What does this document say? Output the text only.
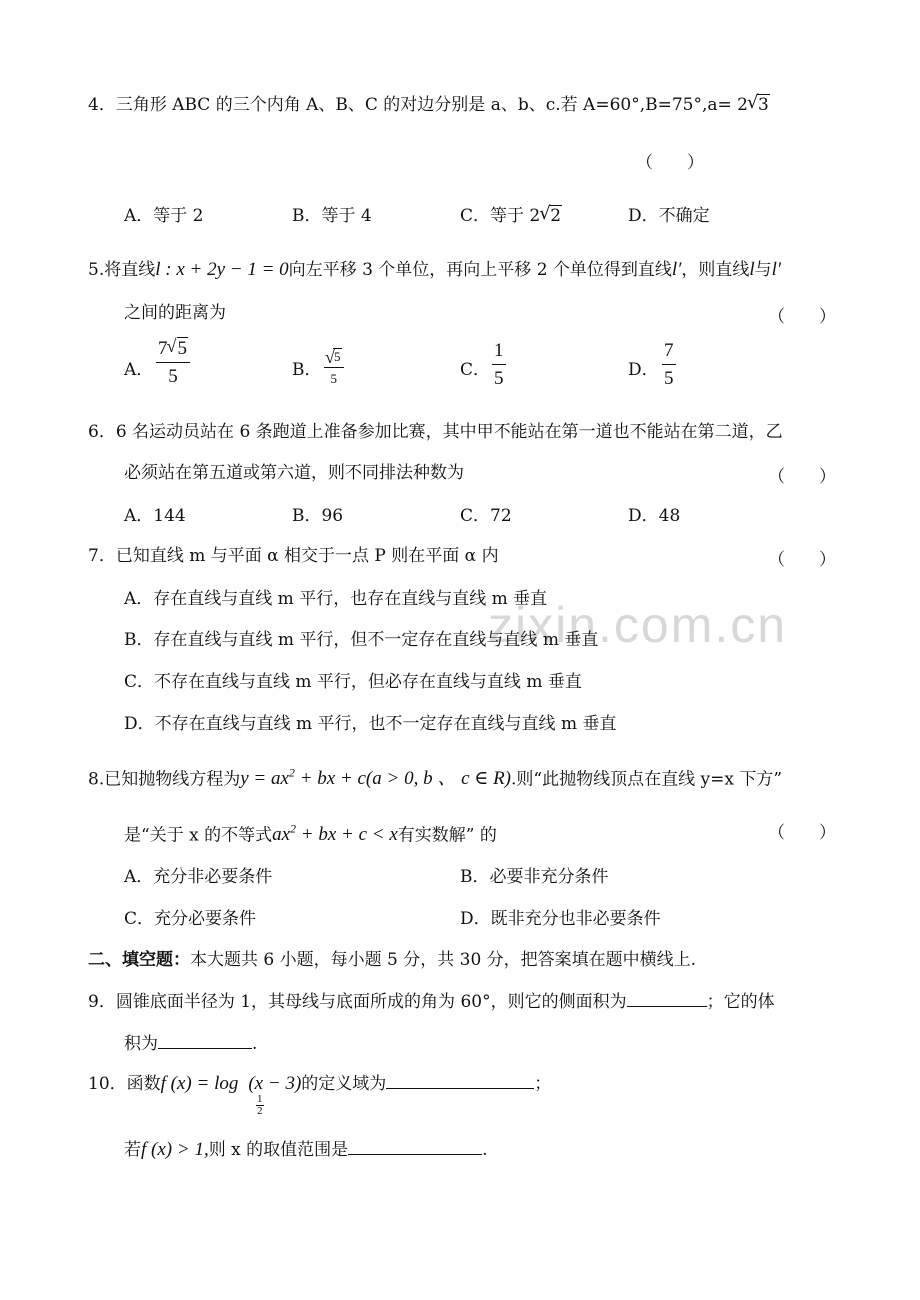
zixin.com.cn
4．三角形 ABC 的三个内角 A、B、C 的对边分别是 a、b、c.若 A=60°,B=75°,a= 2 √ 3
（　　）
A．等于 2	B．等于 4	C．等于 2 √ 2	D．不确定
5.将直线l : x + 2y − 1 = 0向左平移 3 个单位，再向上平移 2 个单位得到直线l′，则直线l与l′
之间的距离为	（　　）
A． $\frac{7 √ 5}{5}$	B． √ $\frac{5}{5}$	C． $\frac{1}{5}$	D． $\frac{7}{5}$
6．6 名运动员站在 6 条跑道上准备参加比赛，其中甲不能站在第一道也不能站在第二道，乙
必须站在第五道或第六道，则不同排法种数为	（　　）
A．144	B．96	C．72	D．48
7．已知直线 m 与平面 α 相交于一点 P 则在平面 α 内	（　　）
A．存在直线与直线 m 平行，也存在直线与直线 m 垂直
B．存在直线与直线 m 平行，但不一定存在直线与直线 m 垂直
C．不存在直线与直线 m 平行，但必存在直线与直线 m 垂直
D．不存在直线与直线 m 平行，也不一定存在直线与直线 m 垂直
8.已知抛物线方程为$y = ax^2$ + bx + c(a > 0, b 、 c ∈ R).则“此抛物线顶点在直线 y=x 下方”
是“关于 x 的不等式$ax^2$ + bx + c < x有实数解” 的	（　　）
A．充分非必要条件	B．必要非充分条件
C．充分必要条件	D．既非充分也非必要条件
二、填空题：本大题共 6 小题，每小题 5 分，共 30 分，把答案填在题中横线上.
9．圆锥底面半径为 1，其母线与底面所成的角为 60°，则它的侧面积为	；它的体
积为	.
10．函数f (x) = log (x − 3)的定义域为	；
1
2
若f (x) > 1,则 x 的取值范围是	.
